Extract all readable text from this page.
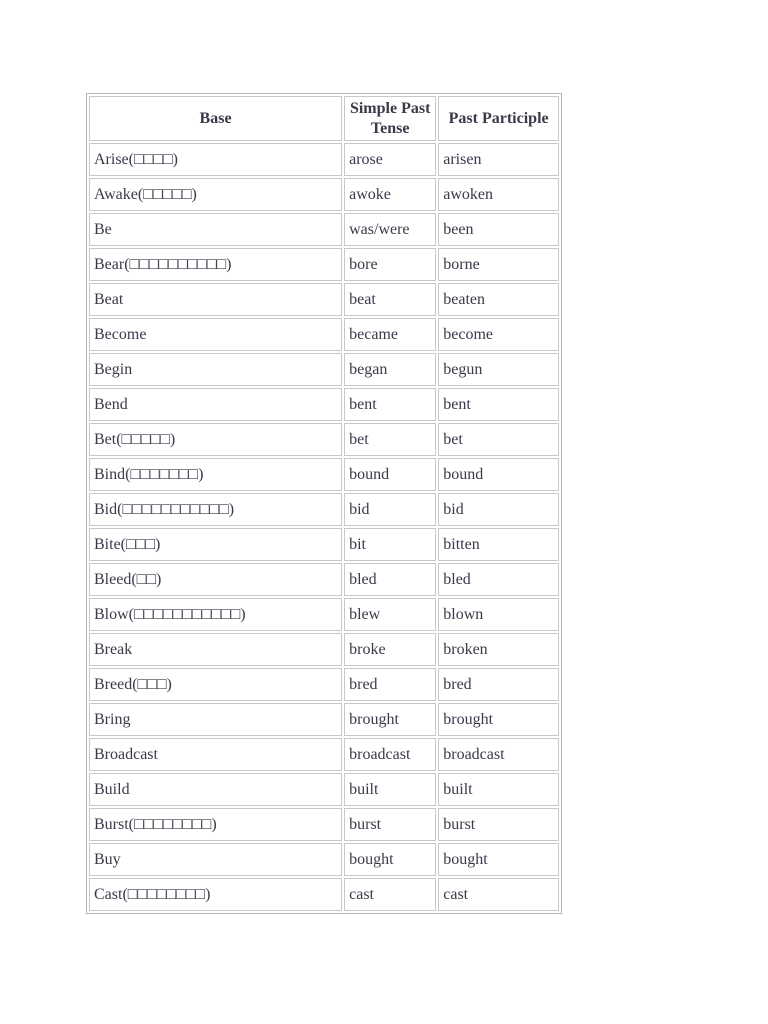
Base	Simple Past Tense	Past Participle
Arise(□□□□)	arose	arisen
Awake(□□□□□)	awoke	awoken
Be	was/were	been
Bear(□□□□□□□□□□)	bore	borne
Beat	beat	beaten
Become	became	become
Begin	began	begun
Bend	bent	bent
Bet(□□□□□)	bet	bet
Bind(□□□□□□□)	bound	bound
Bid(□□□□□□□□□□□)	bid	bid
Bite(□□□)	bit	bitten
Bleed(□□)	bled	bled
Blow(□□□□□□□□□□□)	blew	blown
Break	broke	broken
Breed(□□□)	bred	bred
Bring	brought	brought
Broadcast	broadcast	broadcast
Build	built	built
Burst(□□□□□□□□)	burst	burst
Buy	bought	bought
Cast(□□□□□□□□)	cast	cast
